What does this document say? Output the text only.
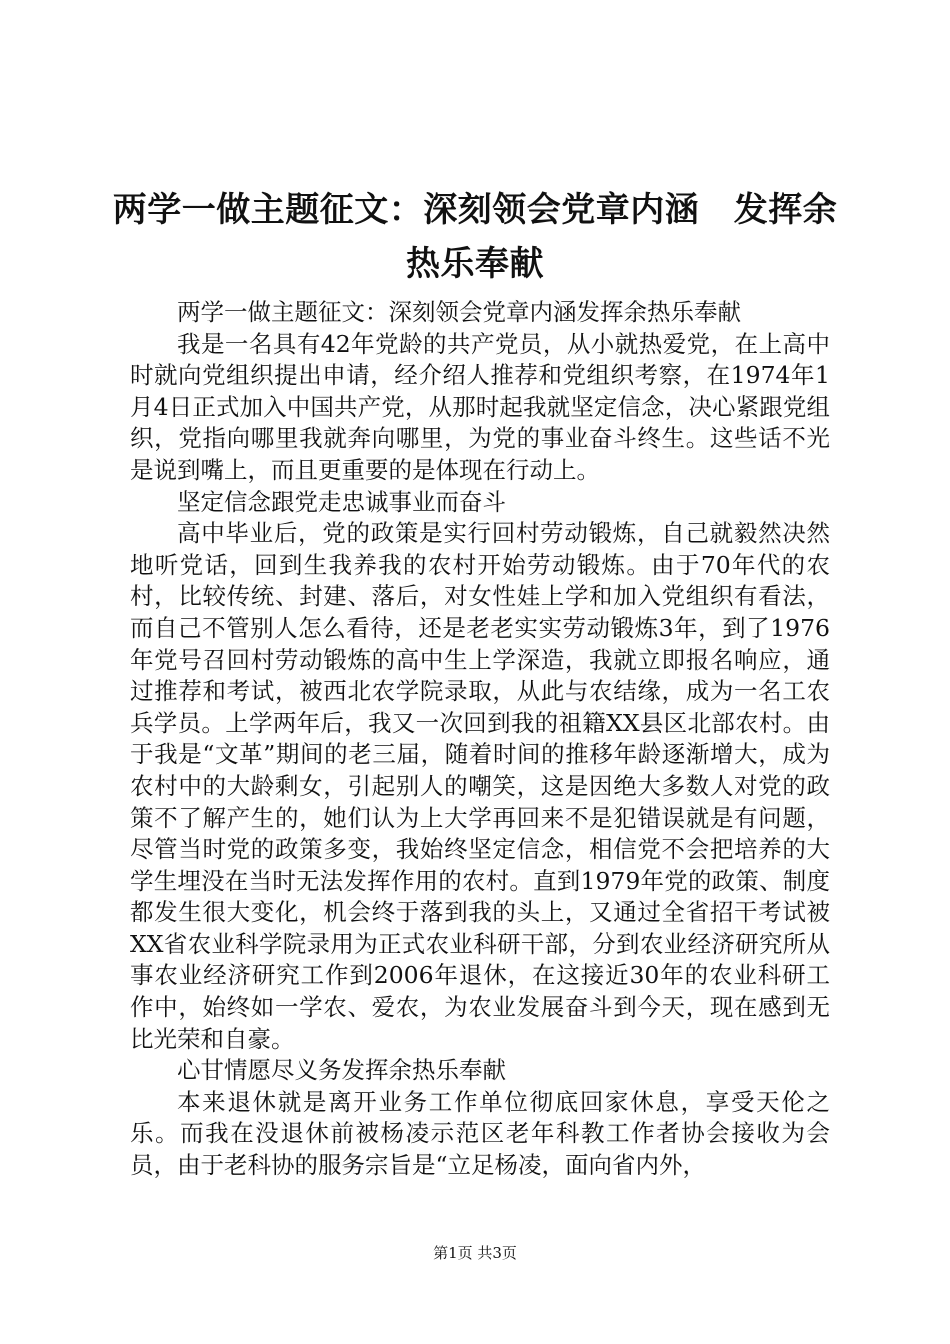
两学一做主题征文：深刻领会党章内涵　发挥余热乐奉献

两学一做主题征文：深刻领会党章内涵发挥余热乐奉献

我是一名具有42年党龄的共产党员，从小就热爱党，在上高中时就向党组织提出申请，经介绍人推荐和党组织考察，在1974年1月4日正式加入中国共产党，从那时起我就坚定信念，决心紧跟党组织，党指向哪里我就奔向哪里，为党的事业奋斗终生。这些话不光是说到嘴上，而且更重要的是体现在行动上。

坚定信念跟党走忠诚事业而奋斗

高中毕业后，党的政策是实行回村劳动锻炼，自己就毅然决然地听党话，回到生我养我的农村开始劳动锻炼。由于70年代的农村，比较传统、封建、落后，对女性娃上学和加入党组织有看法，而自己不管别人怎么看待，还是老老实实劳动锻炼3年，到了1976年党号召回村劳动锻炼的高中生上学深造，我就立即报名响应，通过推荐和考试，被西北农学院录取，从此与农结缘，成为一名工农兵学员。上学两年后，我又一次回到我的祖籍XX县区北部农村。由于我是“文革”期间的老三届，随着时间的推移年龄逐渐增大，成为农村中的大龄剩女，引起别人的嘲笑，这是因绝大多数人对党的政策不了解产生的，她们认为上大学再回来不是犯错误就是有问题，尽管当时党的政策多变，我始终坚定信念，相信党不会把培养的大学生埋没在当时无法发挥作用的农村。直到1979年党的政策、制度都发生很大变化，机会终于落到我的头上，又通过全省招干考试被XX省农业科学院录用为正式农业科研干部，分到农业经济研究所从事农业经济研究工作到2006年退休，在这接近30年的农业科研工作中，始终如一学农、爱农，为农业发展奋斗到今天，现在感到无比光荣和自豪。

心甘情愿尽义务发挥余热乐奉献

本来退休就是离开业务工作单位彻底回家休息，享受天伦之乐。而我在没退休前被杨凌示范区老年科教工作者协会接收为会员，由于老科协的服务宗旨是“立足杨凌，面向省内外，

第1页 共3页
